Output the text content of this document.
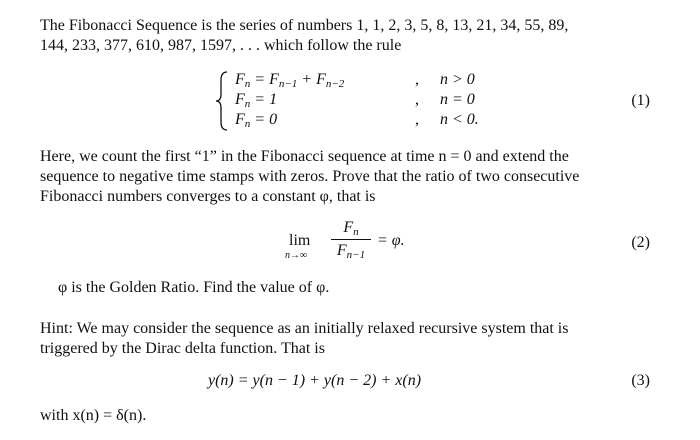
The Fibonacci Sequence is the series of numbers 1, 1, 2, 3, 5, 8, 13, 21, 34, 55, 89,
144, 233, 377, 610, 987, 1597, . . . which follow the rule
$F_n = F_{n-1} + F_{n-2}$	, n > 0
$F_n = 1$	, n = 0
$F_n = 0$	, n < 0.
(1)
Here, we count the first “1” in the Fibonacci sequence at time n = 0 and extend the
sequence to negative time stamps with zeros. Prove that the ratio of two consecutive
Fibonacci numbers converges to a constant φ, that is
lim
n→∞
$F_n$
$F_{n-1}$
= φ.	(2)
φ is the Golden Ratio. Find the value of φ.
Hint: We may consider the sequence as an initially relaxed recursive system that is
triggered by the Dirac delta function. That is
y(n) = y(n − 1) + y(n − 2) + x(n)	(3)
with x(n) = δ(n).
